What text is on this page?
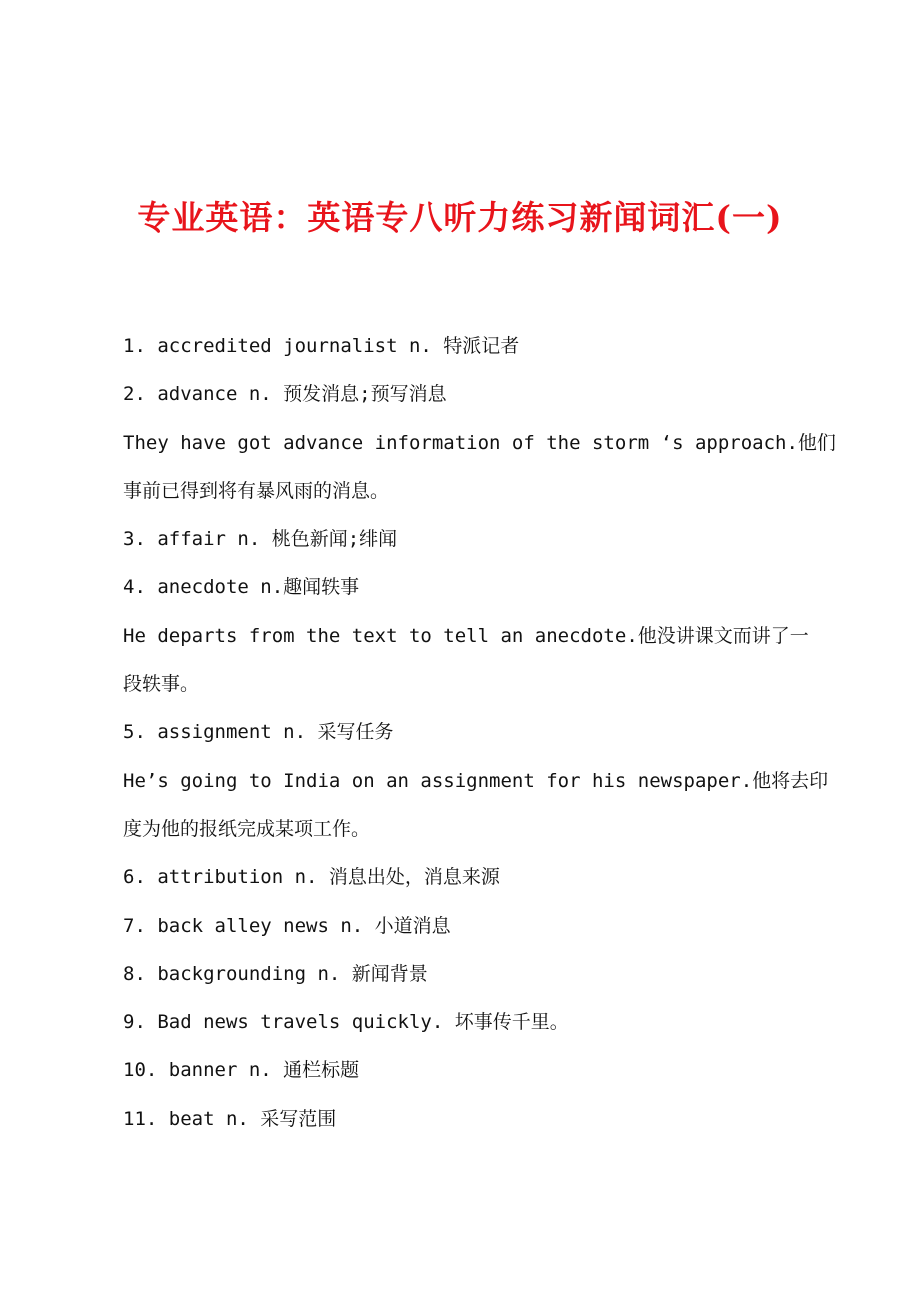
专业英语：英语专八听力练习新闻词汇(一)
1. accredited journalist n. 特派记者
2. advance n. 预发消息;预写消息
They have got advance information of the storm ‘s approach.他们
事前已得到将有暴风雨的消息。
3. affair n. 桃色新闻;绯闻
4. anecdote n.趣闻轶事
He departs from the text to tell an anecdote.他没讲课文而讲了一
段轶事。
5. assignment n. 采写任务
He’s going to India on an assignment for his newspaper.他将去印
度为他的报纸完成某项工作。
6. attribution n. 消息出处，消息来源
7. back alley news n. 小道消息
8. backgrounding n. 新闻背景
9. Bad news travels quickly. 坏事传千里。
10. banner n. 通栏标题
11. beat n. 采写范围
